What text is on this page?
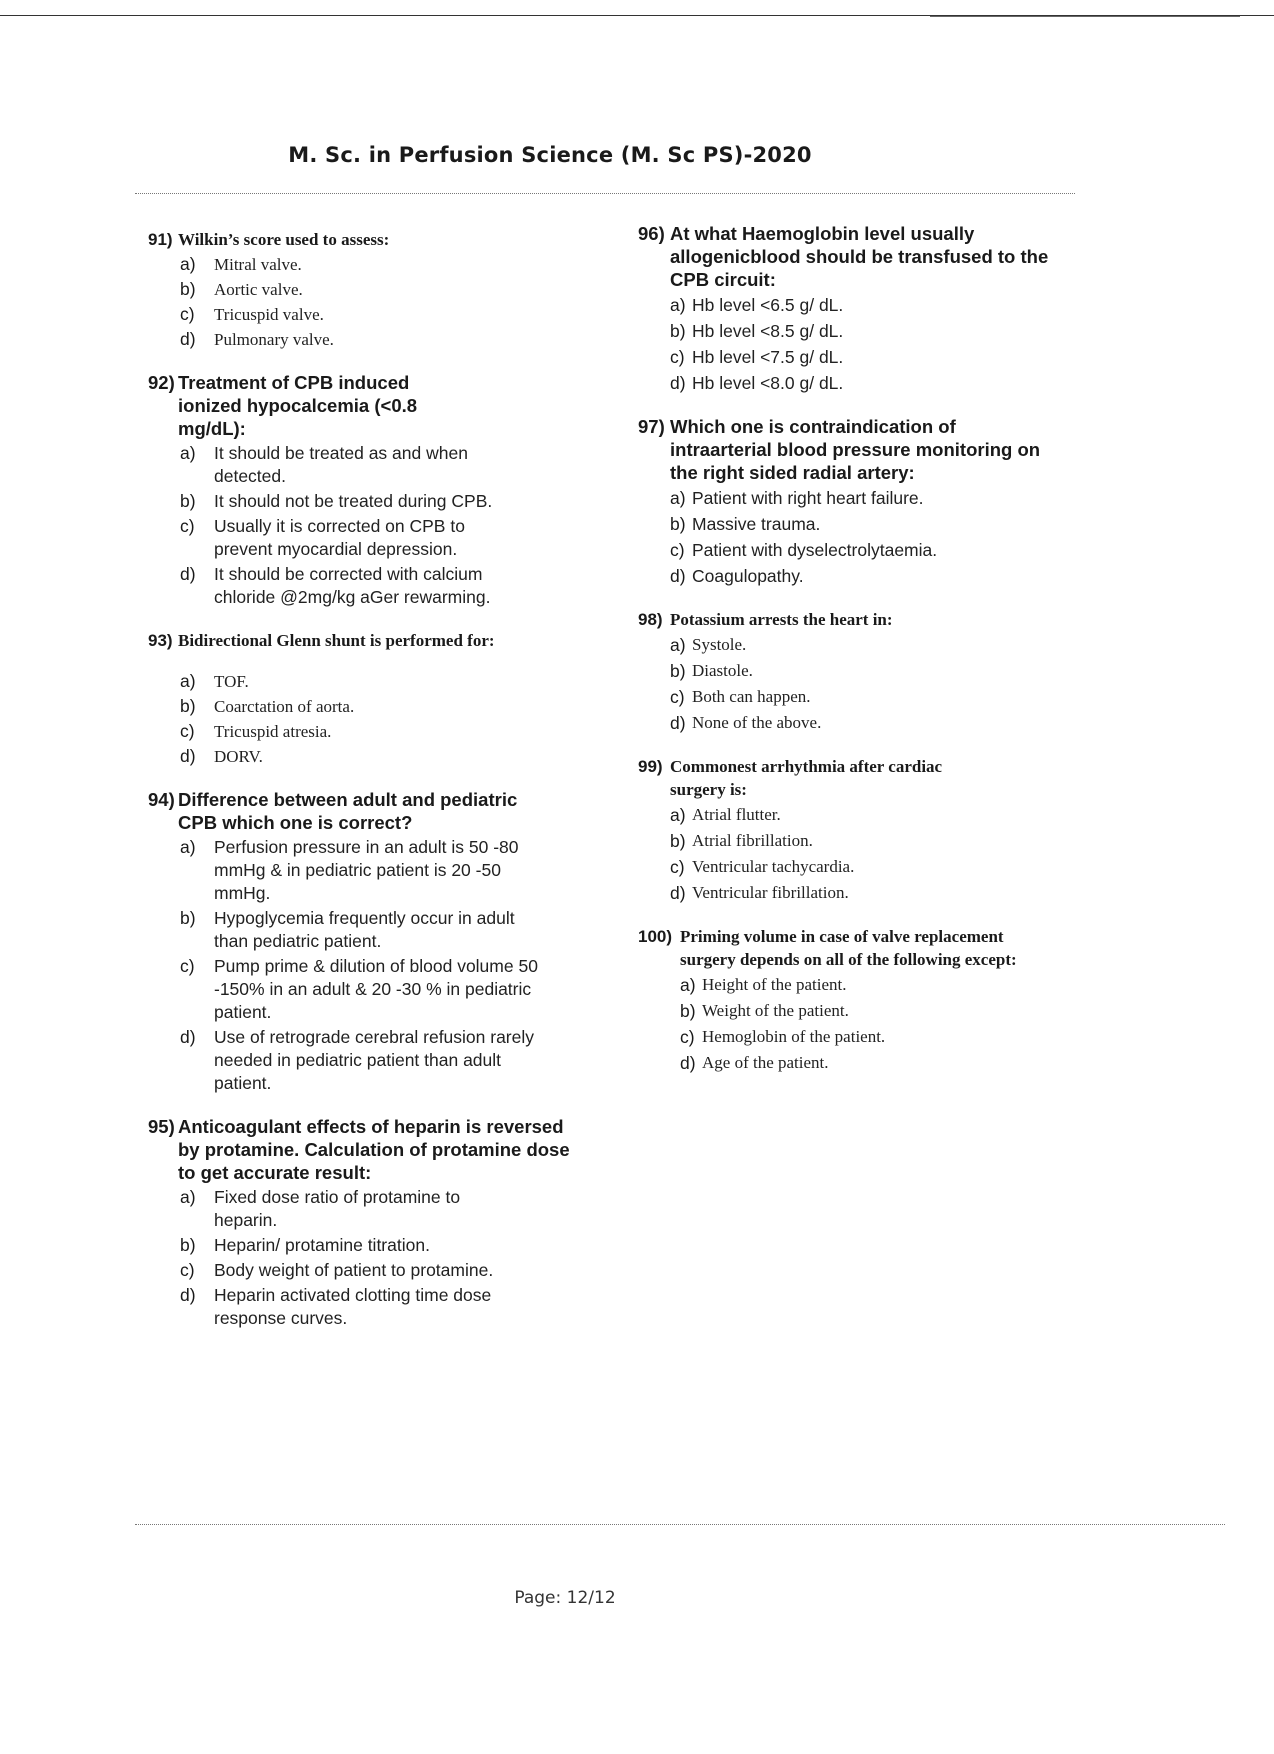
M. Sc. in Perfusion Science (M. Sc PS)-2020
91) Wilkin’s score used to assess:
a)	Mitral valve.
b)	Aortic valve.
c)	Tricuspid valve.
d)	Pulmonary valve.
92) Treatment of CPB induced ionized hypocalcemia (<0.8 mg/dL):
a)	It should be treated as and when detected.
b)	It should not be treated during CPB.
c)	Usually it is corrected on CPB to prevent myocardial depression.
d)	It should be corrected with calcium chloride @2mg/kg aGer rewarming.
93) Bidirectional Glenn shunt is performed for:
a)	TOF.
b)	Coarctation of aorta.
c)	Tricuspid atresia.
d)	DORV.
94) Difference between adult and pediatric CPB which one is correct?
a)	Perfusion pressure in an adult is 50 -80 mmHg & in pediatric patient is 20 -50 mmHg.
b)	Hypoglycemia frequently occur in adult than pediatric patient.
c)	Pump prime & dilution of blood volume 50 -150% in an adult & 20 -30 % in pediatric patient.
d)	Use of retrograde cerebral refusion rarely needed in pediatric patient than adult patient.
95) Anticoagulant effects of heparin is reversed by protamine. Calculation of protamine dose to get accurate result:
a)	Fixed dose ratio of protamine to heparin.
b)	Heparin/ protamine titration.
c)	Body weight of patient to protamine.
d)	Heparin activated clotting time dose response curves.
96) At what Haemoglobin level usually allogenicblood should be transfused to the CPB circuit:
a) Hb level <6.5 g/ dL.
b) Hb level <8.5 g/ dL.
c) Hb level <7.5 g/ dL.
d) Hb level <8.0 g/ dL.
97) Which one is contraindication of intraarterial blood pressure monitoring on the right sided radial artery:
a) Patient with right heart failure.
b) Massive trauma.
c) Patient with dyselectrolytaemia.
d) Coagulopathy.
98) Potassium arrests the heart in:
a) Systole.
b) Diastole.
c) Both can happen.
d) None of the above.
99) Commonest arrhythmia after cardiac surgery is:
a) Atrial flutter.
b) Atrial fibrillation.
c) Ventricular tachycardia.
d) Ventricular fibrillation.
100) Priming volume in case of valve replacement surgery depends on all of the following except:
a) Height of the patient.
b) Weight of the patient.
c) Hemoglobin of the patient.
d) Age of the patient.
Page: 12/12
